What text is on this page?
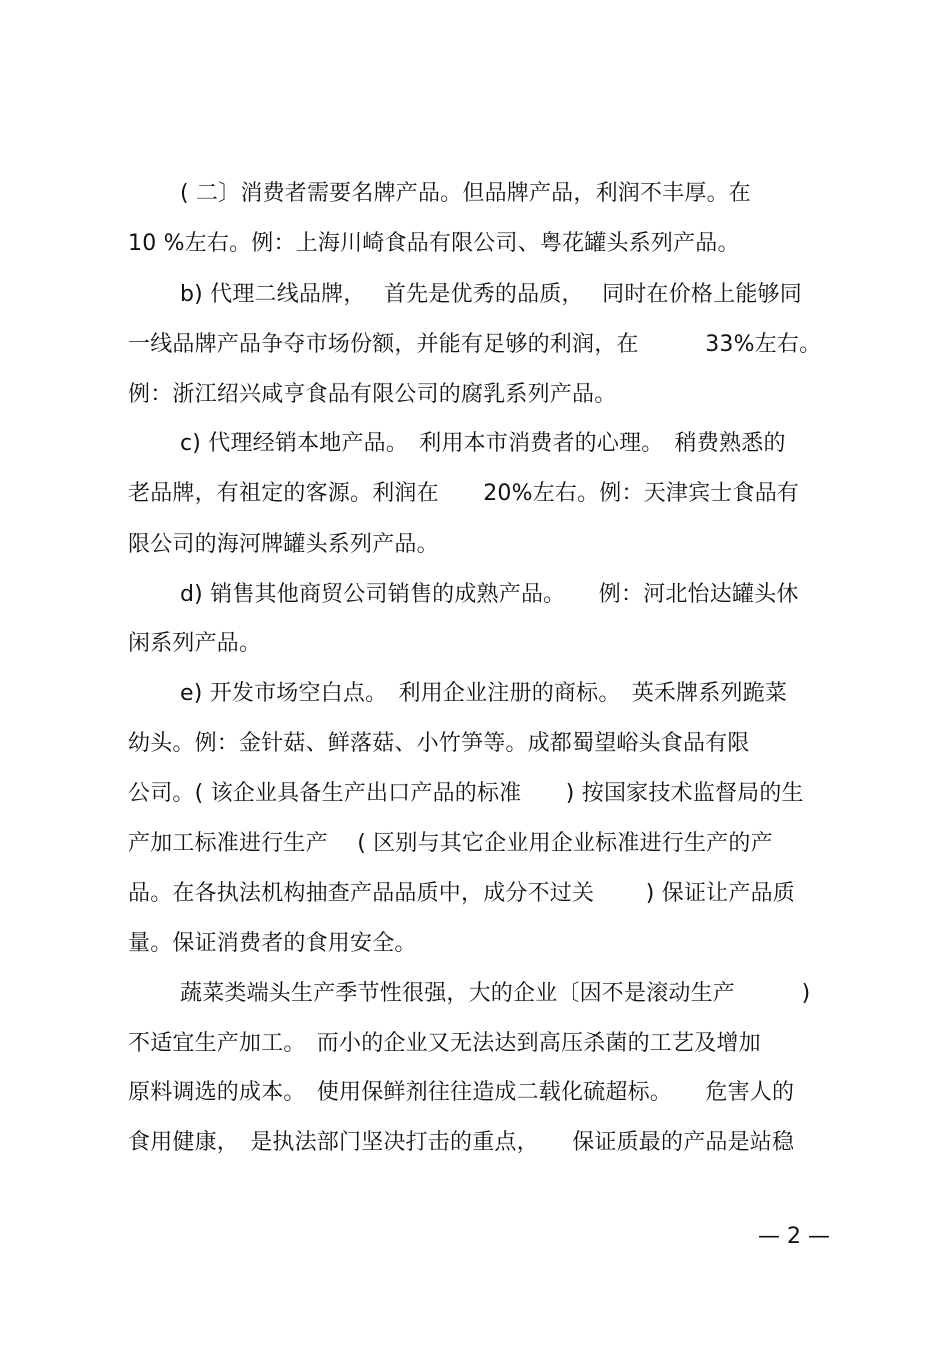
( 二〕消费者需要名牌产品。但品牌产品，利润不丰厚。在
10 %左右。例：上海川崎食品有限公司、粤花罐头系列产品。
b) 代理二线品牌，　 首先是优秀的品质，　 同时在价格上能够同
一线品牌产品争夺市场份额，并能有足够的利润，在　　　33%左右。
例：浙江绍兴咸亨食品有限公司的腐乳系列产品。
c) 代理经销本地产品。　利用本市消费者的心理。　稍费熟悉的
老品牌，有祖定的客源。利润在　　20%左右。例：天津宾士食品有
限公司的海河牌罐头系列产品。
d) 销售其他商贸公司销售的成熟产品。　　例：河北怡达罐头休
闲系列产品。
e) 开发市场空白点。　利用企业注册的商标。　英禾牌系列跪菜
幼头。例：金针菇、鲜落菇、小竹笋等。成都蜀望峪头食品有限
公司。( 该企业具备生产出口产品的标准　　) 按国家技术监督局的生
产加工标准进行生产　 ( 区别与其它企业用企业标准进行生产的产
品。在各执法机构抽查产品品质中，成分不过关　　 ) 保证让产品质
量。保证消费者的食用安全。
蔬菜类端头生产季节性很强，大的企业〔因不是滚动生产　　　)
不适宜生产加工。　而小的企业又无法达到高压杀菌的工艺及增加
原料调选的成本。　使用保鲜剂往往造成二载化硫超标。　　危害人的
食用健康，　是执法部门坚决打击的重点，　　保证质最的产品是站稳
— 2 —
